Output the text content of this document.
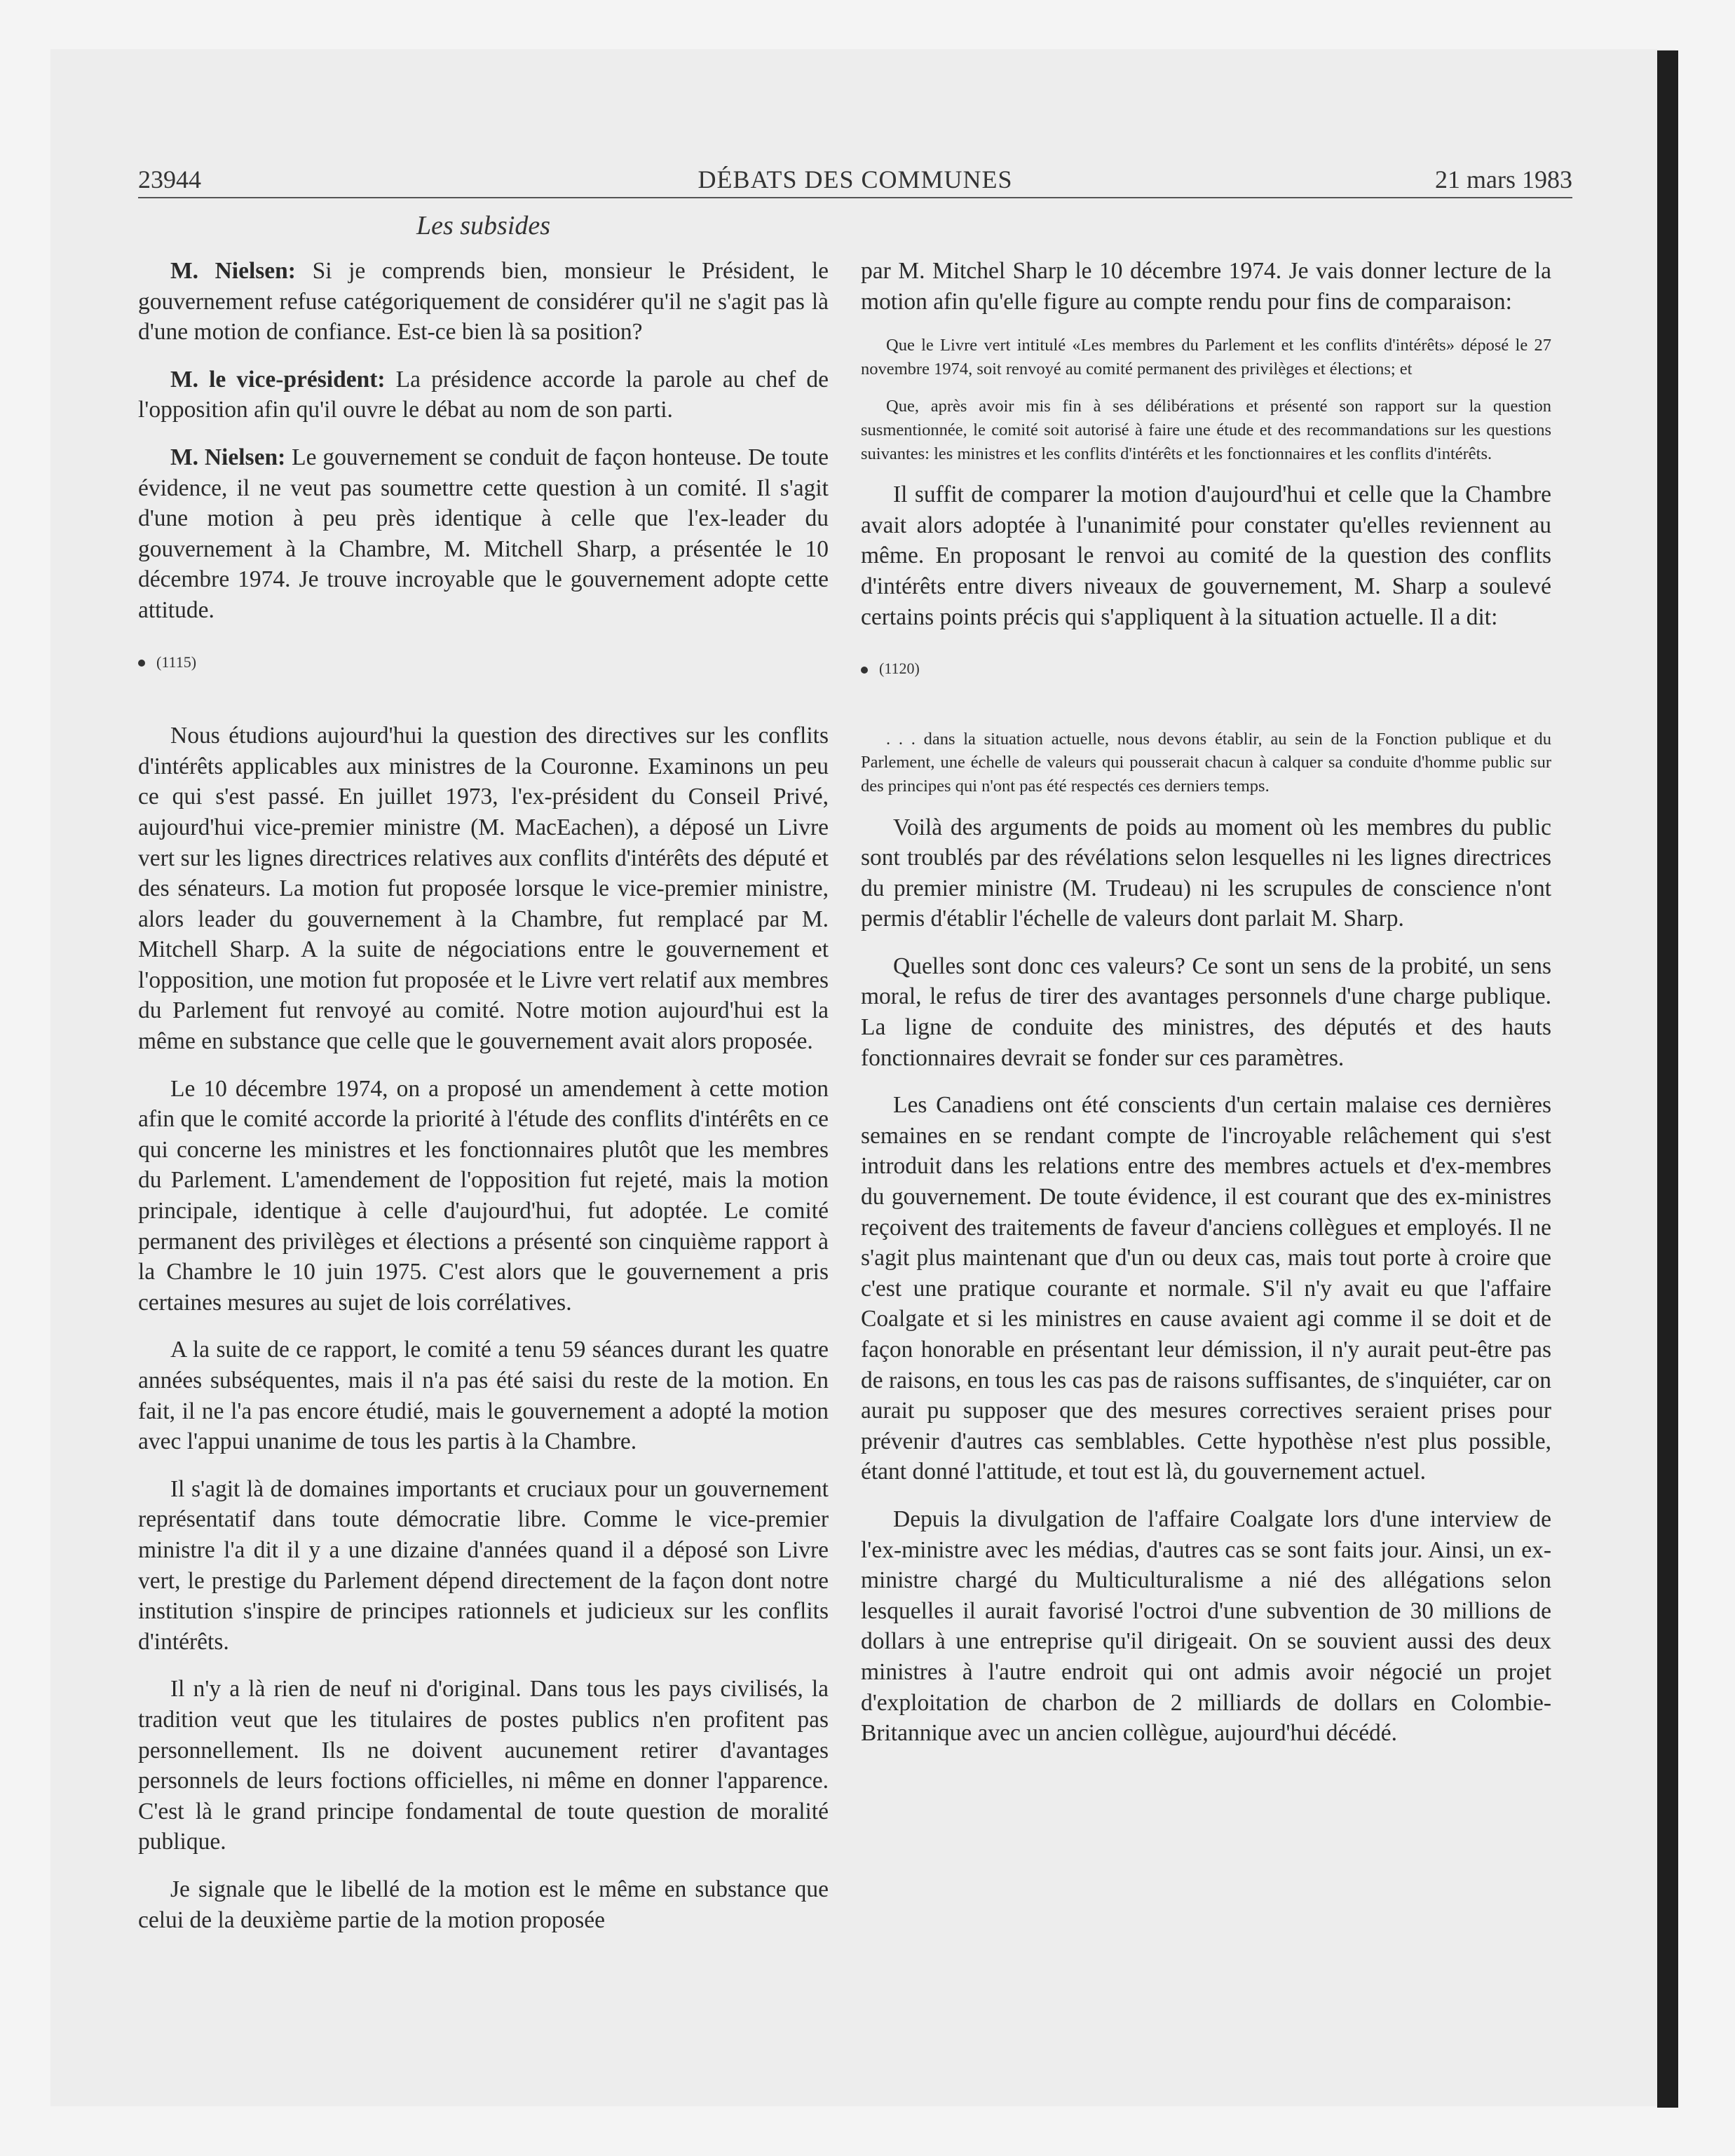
23944	DÉBATS DES COMMUNES	21 mars 1983
Les subsides

M. Nielsen: Si je comprends bien, monsieur le Président, le gouvernement refuse catégoriquement de considérer qu'il ne s'agit pas là d'une motion de confiance. Est-ce bien là sa position?

M. le vice-président: La présidence accorde la parole au chef de l'opposition afin qu'il ouvre le débat au nom de son parti.

M. Nielsen: Le gouvernement se conduit de façon honteuse. De toute évidence, il ne veut pas soumettre cette question à un comité. Il s'agit d'une motion à peu près identique à celle que l'ex-leader du gouvernement à la Chambre, M. Mitchell Sharp, a présentée le 10 décembre 1974. Je trouve incroyable que le gouvernement adopte cette attitude.

(1115)

Nous étudions aujourd'hui la question des directives sur les conflits d'intérêts applicables aux ministres de la Couronne. Examinons un peu ce qui s'est passé. En juillet 1973, l'ex-président du Conseil Privé, aujourd'hui vice-premier ministre (M. MacEachen), a déposé un Livre vert sur les lignes directrices relatives aux conflits d'intérêts des député et des sénateurs. La motion fut proposée lorsque le vice-premier ministre, alors leader du gouvernement à la Chambre, fut remplacé par M. Mitchell Sharp. A la suite de négociations entre le gouvernement et l'opposition, une motion fut proposée et le Livre vert relatif aux membres du Parlement fut renvoyé au comité. Notre motion aujourd'hui est la même en substance que celle que le gouvernement avait alors proposée.

Le 10 décembre 1974, on a proposé un amendement à cette motion afin que le comité accorde la priorité à l'étude des conflits d'intérêts en ce qui concerne les ministres et les fonctionnaires plutôt que les membres du Parlement. L'amendement de l'opposition fut rejeté, mais la motion principale, identique à celle d'aujourd'hui, fut adoptée. Le comité permanent des privilèges et élections a présenté son cinquième rapport à la Chambre le 10 juin 1975. C'est alors que le gouvernement a pris certaines mesures au sujet de lois corrélatives.

A la suite de ce rapport, le comité a tenu 59 séances durant les quatre années subséquentes, mais il n'a pas été saisi du reste de la motion. En fait, il ne l'a pas encore étudié, mais le gouvernement a adopté la motion avec l'appui unanime de tous les partis à la Chambre.

Il s'agit là de domaines importants et cruciaux pour un gouvernement représentatif dans toute démocratie libre. Comme le vice-premier ministre l'a dit il y a une dizaine d'années quand il a déposé son Livre vert, le prestige du Parlement dépend directement de la façon dont notre institution s'inspire de principes rationnels et judicieux sur les conflits d'intérêts.

Il n'y a là rien de neuf ni d'original. Dans tous les pays civilisés, la tradition veut que les titulaires de postes publics n'en profitent pas personnellement. Ils ne doivent aucunement retirer d'avantages personnels de leurs foctions officielles, ni même en donner l'apparence. C'est là le grand principe fondamental de toute question de moralité publique.

Je signale que le libellé de la motion est le même en substance que celui de la deuxième partie de la motion proposée

par M. Mitchel Sharp le 10 décembre 1974. Je vais donner lecture de la motion afin qu'elle figure au compte rendu pour fins de comparaison:

Que le Livre vert intitulé «Les membres du Parlement et les conflits d'intérêts» déposé le 27 novembre 1974, soit renvoyé au comité permanent des privilèges et élections; et

Que, après avoir mis fin à ses délibérations et présenté son rapport sur la question susmentionnée, le comité soit autorisé à faire une étude et des recommandations sur les questions suivantes: les ministres et les conflits d'intérêts et les fonctionnaires et les conflits d'intérêts.

Il suffit de comparer la motion d'aujourd'hui et celle que la Chambre avait alors adoptée à l'unanimité pour constater qu'elles reviennent au même. En proposant le renvoi au comité de la question des conflits d'intérêts entre divers niveaux de gouvernement, M. Sharp a soulevé certains points précis qui s'appliquent à la situation actuelle. Il a dit:

(1120)

. . . dans la situation actuelle, nous devons établir, au sein de la Fonction publique et du Parlement, une échelle de valeurs qui pousserait chacun à calquer sa conduite d'homme public sur des principes qui n'ont pas été respectés ces derniers temps.

Voilà des arguments de poids au moment où les membres du public sont troublés par des révélations selon lesquelles ni les lignes directrices du premier ministre (M. Trudeau) ni les scrupules de conscience n'ont permis d'établir l'échelle de valeurs dont parlait M. Sharp.

Quelles sont donc ces valeurs? Ce sont un sens de la probité, un sens moral, le refus de tirer des avantages personnels d'une charge publique. La ligne de conduite des ministres, des députés et des hauts fonctionnaires devrait se fonder sur ces paramètres.

Les Canadiens ont été conscients d'un certain malaise ces dernières semaines en se rendant compte de l'incroyable relâchement qui s'est introduit dans les relations entre des membres actuels et d'ex-membres du gouvernement. De toute évidence, il est courant que des ex-ministres reçoivent des traitements de faveur d'anciens collègues et employés. Il ne s'agit plus maintenant que d'un ou deux cas, mais tout porte à croire que c'est une pratique courante et normale. S'il n'y avait eu que l'affaire Coalgate et si les ministres en cause avaient agi comme il se doit et de façon honorable en présentant leur démission, il n'y aurait peut-être pas de raisons, en tous les cas pas de raisons suffisantes, de s'inquiéter, car on aurait pu supposer que des mesures correctives seraient prises pour prévenir d'autres cas semblables. Cette hypothèse n'est plus possible, étant donné l'attitude, et tout est là, du gouvernement actuel.

Depuis la divulgation de l'affaire Coalgate lors d'une interview de l'ex-ministre avec les médias, d'autres cas se sont faits jour. Ainsi, un ex-ministre chargé du Multiculturalisme a nié des allégations selon lesquelles il aurait favorisé l'octroi d'une subvention de 30 millions de dollars à une entreprise qu'il dirigeait. On se souvient aussi des deux ministres à l'autre endroit qui ont admis avoir négocié un projet d'exploitation de charbon de 2 milliards de dollars en Colombie-Britannique avec un ancien collègue, aujourd'hui décédé.
